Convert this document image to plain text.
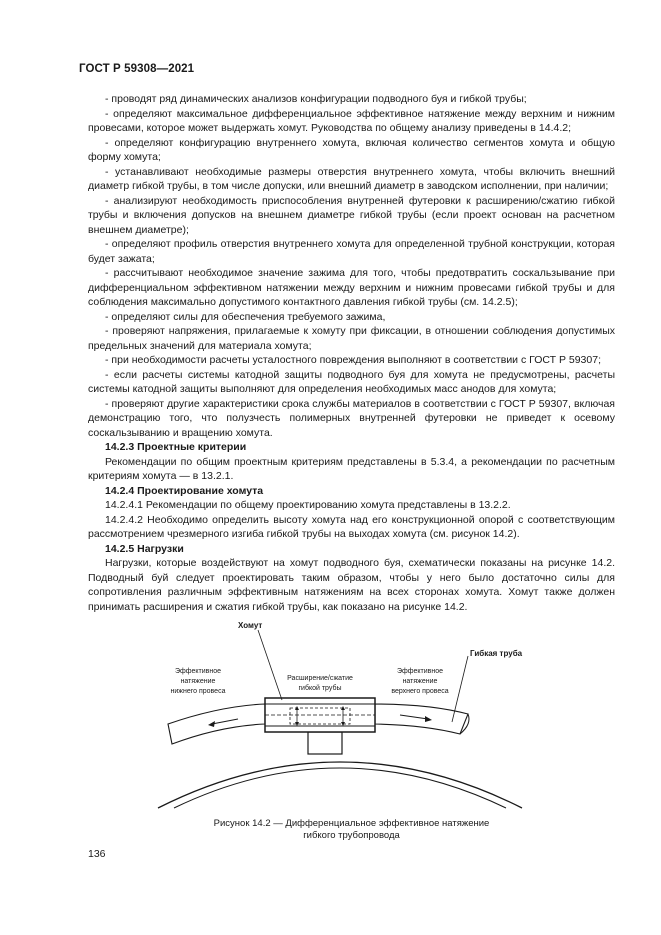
ГОСТ Р 59308—2021

- проводят ряд динамических анализов конфигурации подводного буя и гибкой трубы;

- определяют максимальное дифференциальное эффективное натяжение между верхним и нижним провесами, которое может выдержать хомут. Руководства по общему анализу приведены в 14.4.2;

- определяют конфигурацию внутреннего хомута, включая количество сегментов хомута и общую форму хомута;

- устанавливают необходимые размеры отверстия внутреннего хомута, чтобы включить внешний диаметр гибкой трубы, в том числе допуски, или внешний диаметр в заводском исполнении, при наличии;

- анализируют необходимость приспособления внутренней футеровки к расширению/сжатию гибкой трубы и включения допусков на внешнем диаметре гибкой трубы (если проект основан на расчетном внешнем диаметре);

- определяют профиль отверстия внутреннего хомута для определенной трубной конструкции, которая будет зажата;

- рассчитывают необходимое значение зажима для того, чтобы предотвратить соскальзывание при дифференциальном эффективном натяжении между верхним и нижним провесами гибкой трубы и для соблюдения максимально допустимого контактного давления гибкой трубы (см. 14.2.5);

- определяют силы для обеспечения требуемого зажима,

- проверяют напряжения, прилагаемые к хомуту при фиксации, в отношении соблюдения допустимых предельных значений для материала хомута;

- при необходимости расчеты усталостного повреждения выполняют в соответствии с ГОСТ Р 59307;

- если расчеты системы катодной защиты подводного буя для хомута не предусмотрены, расчеты системы катодной защиты выполняют для определения необходимых масс анодов для хомута;

- проверяют другие характеристики срока службы материалов в соответствии с ГОСТ Р 59307, включая демонстрацию того, что полузчесть полимерных внутренней футеровки не приведет к осевому соскальзыванию и вращению хомута.

14.2.3 Проектные критерии

Рекомендации по общим проектным критериям представлены в 5.3.4, а рекомендации по расчетным критериям хомута — в 13.2.1.

14.2.4 Проектирование хомута

14.2.4.1 Рекомендации по общему проектированию хомута представлены в 13.2.2.

14.2.4.2 Необходимо определить высоту хомута над его конструкционной опорой с соответствующим рассмотрением чрезмерного изгиба гибкой трубы на выходах хомута (см. рисунок 14.2).

14.2.5 Нагрузки

Нагрузки, которые воздействуют на хомут подводного буя, схематически показаны на рисунке 14.2. Подводный буй следует проектировать таким образом, чтобы у него было достаточно силы для сопротивления различным эффективным натяжениям на всех сторонах хомута. Хомут также должен принимать расширения и сжатия гибкой трубы, как показано на рисунке 14.2.

Хомут
Гибкая труба
Эффективное
натяжение
нижнего провеса
Расширение/сжатие
гибкой трубы
Эффективное
натяжение
верхнего провеса
Рисунок 14.2 — Дифференциальное эффективное натяжение
гибкого трубопровода
136
